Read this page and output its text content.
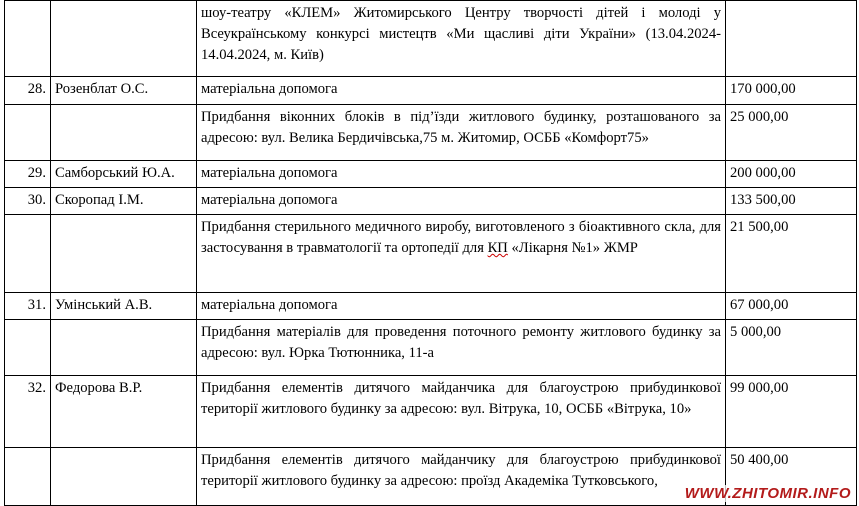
		шоу-театру «КЛЕМ» Житомирського Центру творчості дітей і молоді у Всеукраїнському конкурсі мистецтв «Ми щасливі діти України» (13.04.2024-14.04.2024, м. Київ)	
28.	Розенблат О.С.	матеріальна допомога	170 000,00
		Придбання віконних блоків в під’їзди житлового будинку, розташованого за адресою: вул. Велика Бердичівська,75 м. Житомир, ОСББ «Комфорт75»	25 000,00
29.	Самборський Ю.А.	матеріальна допомога	200 000,00
30.	Скоропад І.М.	матеріальна допомога	133 500,00
		Придбання стерильного медичного виробу, виготовленого з біоактивного скла, для застосування в травматології та ортопедії для КП «Лікарня №1» ЖМР	21 500,00
31.	Умінський А.В.	матеріальна допомога	67 000,00
		Придбання матеріалів для проведення поточного ремонту житлового будинку за адресою: вул. Юрка Тютюнника, 11-а	5 000,00
32.	Федорова В.Р.	Придбання елементів дитячого майданчика для благоустрою прибудинкової території житлового будинку за адресою: вул. Вітрука, 10, ОСББ «Вітрука, 10»	99 000,00
		Придбання елементів дитячого майданчику для благоустрою прибудинкової території житлового будинку за адресою: проїзд Академіка Тутковського,	50 400,00
WWW.ZHITOMIR.INFO
